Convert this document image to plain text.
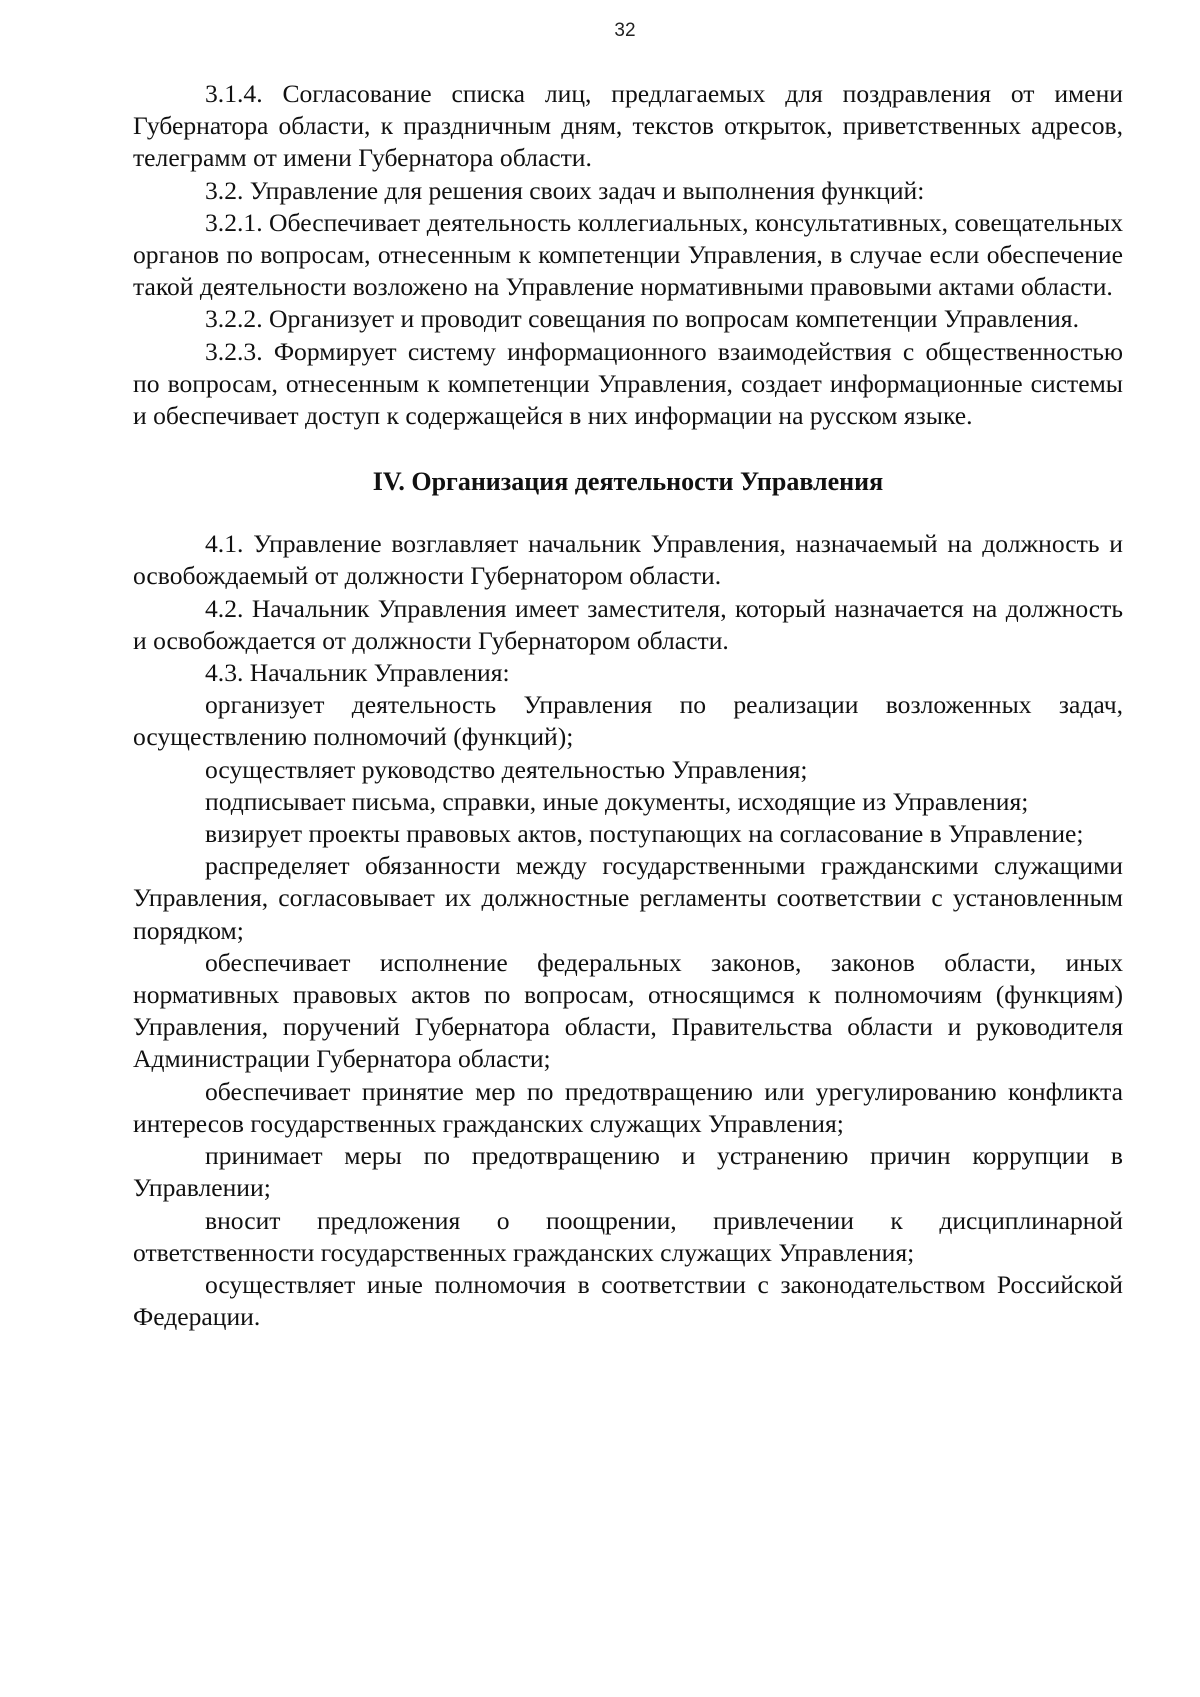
32

3.1.4. Согласование списка лиц, предлагаемых для поздравления от имени Губернатора области, к праздничным дням, текстов открыток, приветственных адресов, телеграмм от имени Губернатора области.

3.2. Управление для решения своих задач и выполнения функций:

3.2.1. Обеспечивает деятельность коллегиальных, консультативных, совещательных органов по вопросам, отнесенным к компетенции Управления, в случае если обеспечение такой деятельности возложено на Управление нормативными правовыми актами области.

3.2.2. Организует и проводит совещания по вопросам компетенции Управления.

3.2.3. Формирует систему информационного взаимодействия с общественностью по вопросам, отнесенным к компетенции Управления, создает информационные системы и обеспечивает доступ к содержащейся в них информации на русском языке.

IV. Организация деятельности Управления

4.1. Управление возглавляет начальник Управления, назначаемый на должность и освобождаемый от должности Губернатором области.

4.2. Начальник Управления имеет заместителя, который назначается на должность и освобождается от должности Губернатором области.

4.3. Начальник Управления:

организует деятельность Управления по реализации возложенных задач, осуществлению полномочий (функций);

осуществляет руководство деятельностью Управления;

подписывает письма, справки, иные документы, исходящие из Управления;

визирует проекты правовых актов, поступающих на согласование в Управление;

распределяет обязанности между государственными гражданскими служащими Управления, согласовывает их должностные регламенты соответствии с установленным порядком;

обеспечивает исполнение федеральных законов, законов области, иных нормативных правовых актов по вопросам, относящимся к полномочиям (функциям) Управления, поручений Губернатора области, Правительства области и руководителя Администрации Губернатора области;

обеспечивает принятие мер по предотвращению или урегулированию конфликта интересов государственных гражданских служащих Управления;

принимает меры по предотвращению и устранению причин коррупции в Управлении;

вносит предложения о поощрении, привлечении к дисциплинарной ответственности государственных гражданских служащих Управления;

осуществляет иные полномочия в соответствии с законодательством Российской Федерации.
